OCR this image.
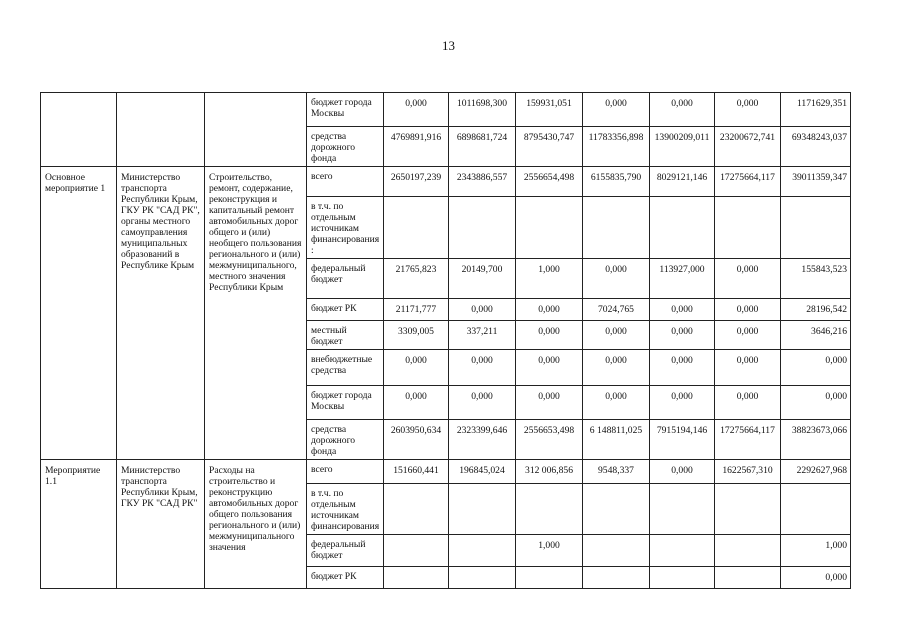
13
			бюджет города Москвы	0,000	1011698,300	159931,051	0,000	0,000	0,000	1171629,351
			средства дорожного фонда	4769891,916	6898681,724	8795430,747	11783356,898	13900209,011	23200672,741	69348243,037
Основное мероприятие 1	Министерство транспорта Республики Крым, ГКУ РК "САД РК", органы местного самоуправления муниципальных образований в Республике Крым	Строительство, ремонт, содержание, реконструкция и капитальный ремонт автомобильных дорог общего и (или) необщего пользования регионального и (или) межмуниципального, местного значения Республики Крым	всего	2650197,239	2343886,557	2556654,498	6155835,790	8029121,146	17275664,117	39011359,347
			в т.ч. по отдельным источникам финансирования:							
			федеральный бюджет	21765,823	20149,700	1,000	0,000	113927,000	0,000	155843,523
			бюджет РК	21171,777	0,000	0,000	7024,765	0,000	0,000	28196,542
			местный бюджет	3309,005	337,211	0,000	0,000	0,000	0,000	3646,216
			внебюджетные средства	0,000	0,000	0,000	0,000	0,000	0,000	0,000
			бюджет города Москвы	0,000	0,000	0,000	0,000	0,000	0,000	0,000
			средства дорожного фонда	2603950,634	2323399,646	2556653,498	6 148811,025	7915194,146	17275664,117	38823673,066
Мероприятие 1.1	Министерство транспорта Республики Крым, ГКУ РК "САД РК"	Расходы на строительство и реконструкцию автомобильных дорог общего пользования регионального и (или) межмуниципального значения	всего	151660,441	196845,024	312 006,856	9548,337	0,000	1622567,310	2292627,968
			в т.ч. по отдельным источникам финансирования							
			федеральный бюджет			1,000				1,000
			бюджет РК							0,000
